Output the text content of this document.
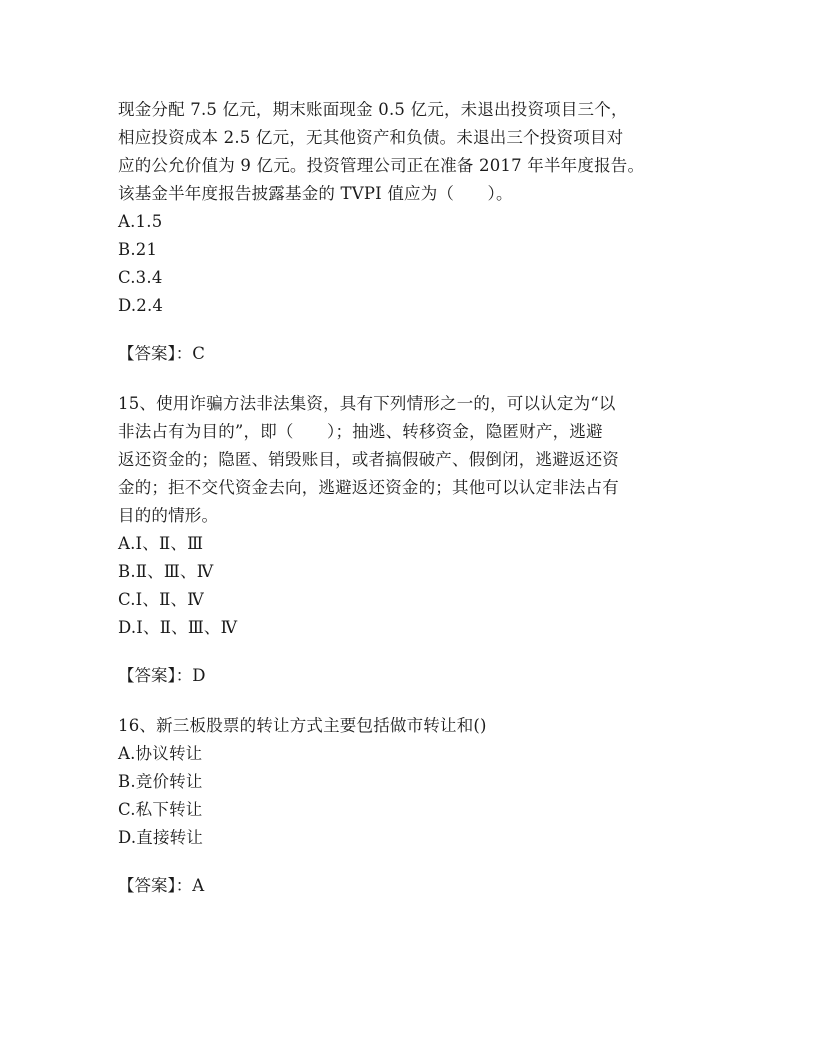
现金分配 7.5 亿元，期末账面现金 0.5 亿元，未退出投资项目三个，
相应投资成本 2.5 亿元，无其他资产和负债。未退出三个投资项目对
应的公允价值为 9 亿元。投资管理公司正在准备 2017 年半年度报告。
该基金半年度报告披露基金的 TVPI 值应为（　　）。
A.1.5
B.21
C.3.4
D.2.4
【答案】：C
15、使用诈骗方法非法集资，具有下列情形之一的，可以认定为“以
非法占有为目的”，即（　　）；抽逃、转移资金，隐匿财产，逃避
返还资金的；隐匿、销毁账目，或者搞假破产、假倒闭，逃避返还资
金的；拒不交代资金去向，逃避返还资金的；其他可以认定非法占有
目的的情形。
A.Ⅰ、Ⅱ、Ⅲ
B.Ⅱ、Ⅲ、Ⅳ
C.Ⅰ、Ⅱ、Ⅳ
D.Ⅰ、Ⅱ、Ⅲ、Ⅳ
【答案】：D
16、新三板股票的转让方式主要包括做市转让和()
A.协议转让
B.竞价转让
C.私下转让
D.直接转让
【答案】：A
